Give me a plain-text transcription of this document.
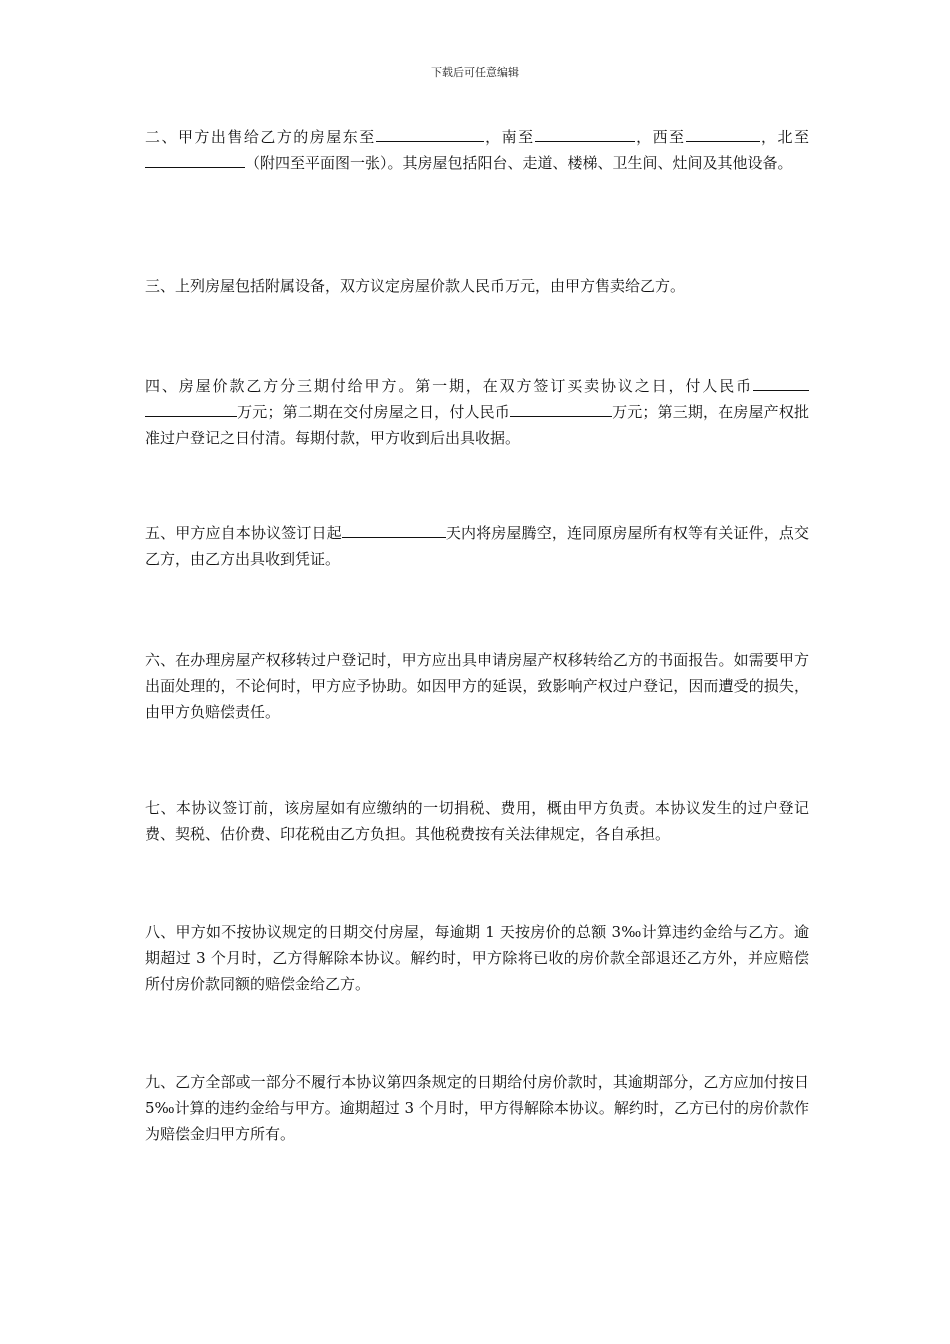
下载后可任意编辑

二、甲方出售给乙方的房屋东至	，南至	，西至	，北至（附四至平面图一张）。其房屋包括阳台、走道、楼梯、卫生间、灶间及其他设备。

三、上列房屋包括附属设备，双方议定房屋价款人民币万元，由甲方售卖给乙方。

四、房屋价款乙方分三期付给甲方。第一期，在双方签订买卖协议之日，付人民币万元；第二期在交付房屋之日，付人民币	万元；第三期，在房屋产权批准过户登记之日付清。每期付款，甲方收到后出具收据。

五、甲方应自本协议签订日起	天内将房屋腾空，连同原房屋所有权等有关证件，点交乙方，由乙方出具收到凭证。

六、在办理房屋产权移转过户登记时，甲方应出具申请房屋产权移转给乙方的书面报告。如需要甲方出面处理的，不论何时，甲方应予协助。如因甲方的延误，致影响产权过户登记，因而遭受的损失，由甲方负赔偿责任。

七、本协议签订前，该房屋如有应缴纳的一切捐税、费用，概由甲方负责。本协议发生的过户登记费、契税、估价费、印花税由乙方负担。其他税费按有关法律规定，各自承担。

八、甲方如不按协议规定的日期交付房屋，每逾期 1 天按房价的总额 3‰计算违约金给与乙方。逾期超过 3 个月时，乙方得解除本协议。解约时，甲方除将已收的房价款全部退还乙方外，并应赔偿所付房价款同额的赔偿金给乙方。

九、乙方全部或一部分不履行本协议第四条规定的日期给付房价款时，其逾期部分，乙方应加付按日 5‰计算的违约金给与甲方。逾期超过 3 个月时，甲方得解除本协议。解约时，乙方已付的房价款作为赔偿金归甲方所有。
